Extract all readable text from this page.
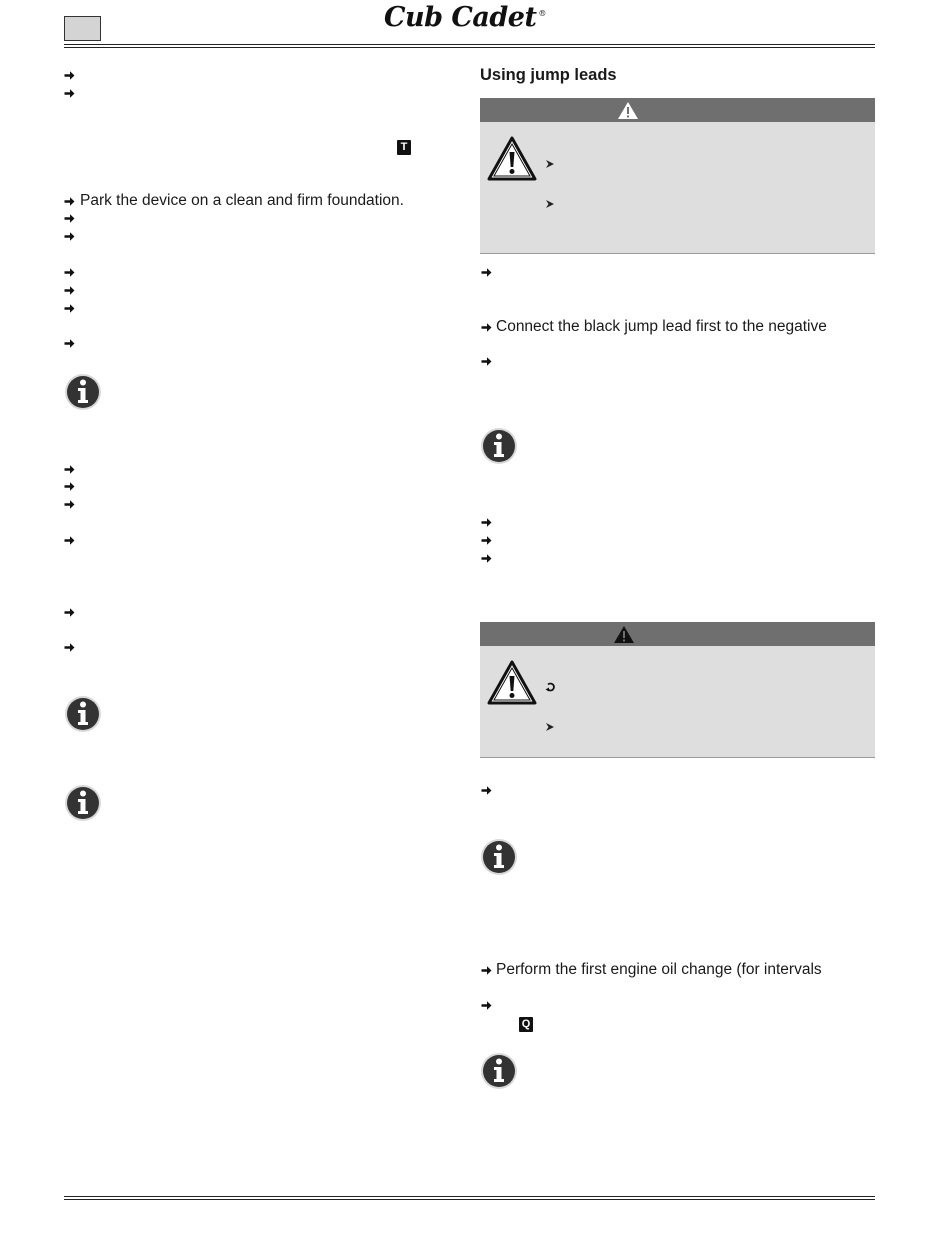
Cub Cadet ®
Park the device on a clean and firm foundation.
T
Using jump leads
Connect the black jump lead first to the negative
Perform the first engine oil change (for intervals
Q
